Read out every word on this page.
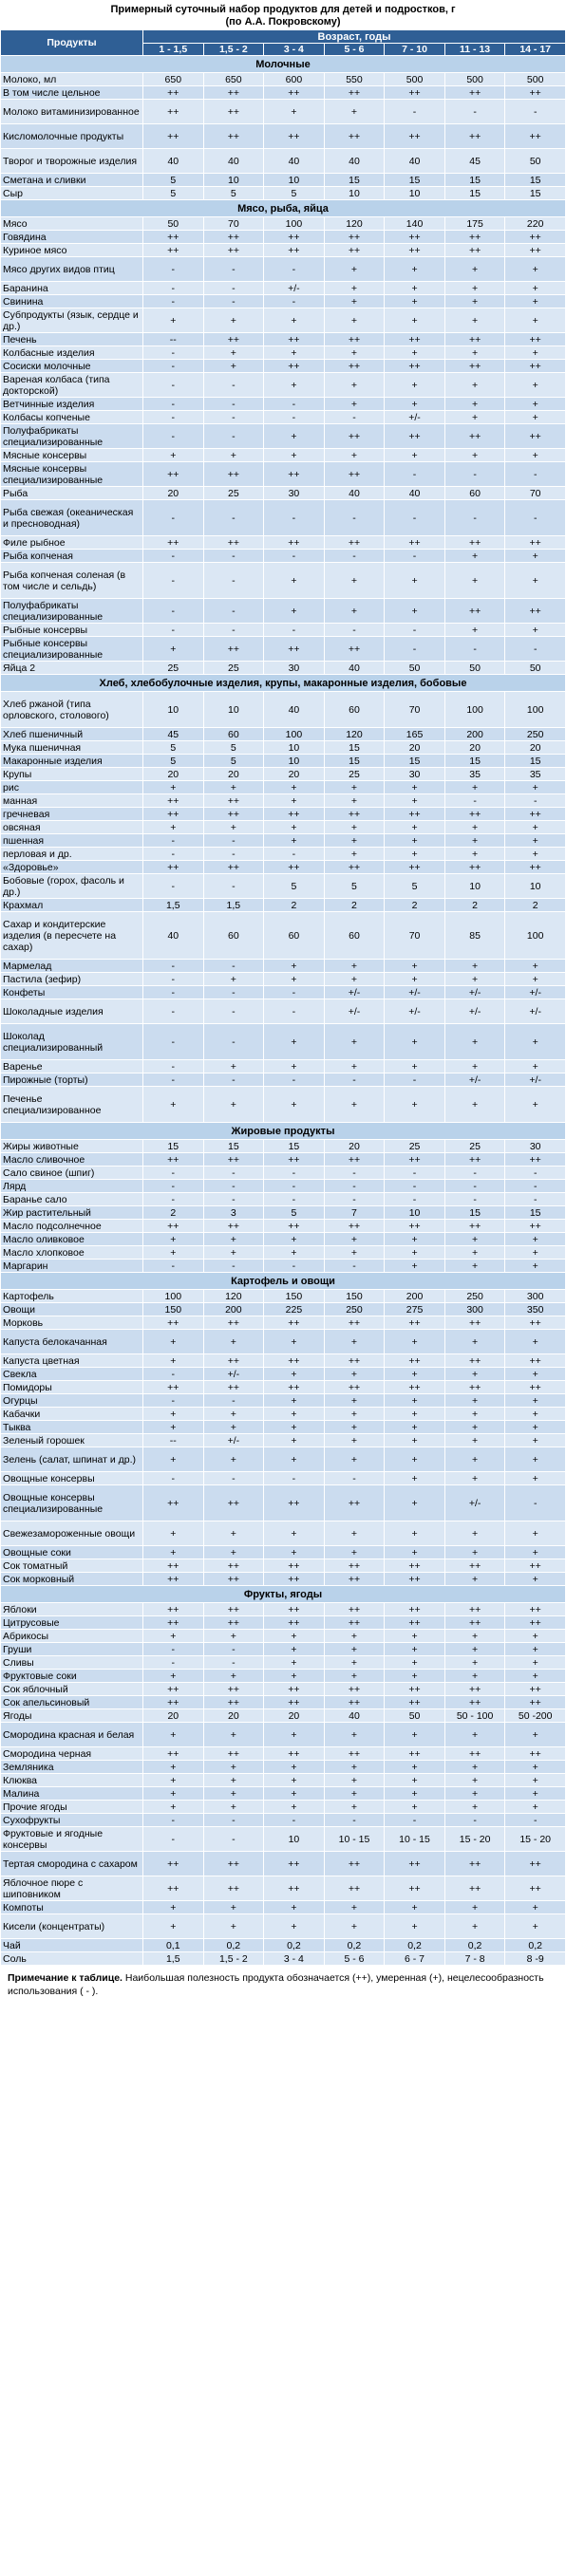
Примерный суточный набор продуктов для детей и подростков, г
(по А.А. Покровскому)
Продукты	Возраст, годы						
	1 - 1,5	1,5 - 2	3 - 4	5 - 6	7 - 10	11 - 13	14 - 17
Молочные							
Молоко, мл	650	650	600	550	500	500	500
В том числе цельное	++	++	++	++	++	++	++
Молоко витаминизированное	++	++	+	+	-	-	-
Кисломолочные продукты	++	++	++	++	++	++	++
Творог и творожные изделия	40	40	40	40	40	45	50
Сметана и сливки	5	10	10	15	15	15	15
Сыр	5	5	5	10	10	15	15
Мясо, рыба, яйца							
Мясо	50	70	100	120	140	175	220
Говядина	++	++	++	++	++	++	++
Куриное мясо	++	++	++	++	++	++	++
Мясо других видов птиц	-	-	-	+	+	+	+
Баранина	-	-	+/-	+	+	+	+
Свинина	-	-	-	+	+	+	+
Субпродукты (язык, сердце и др.)	+	+	+	+	+	+	+
Печень	--	++	++	++	++	++	++
Колбасные изделия	-	+	+	+	+	+	+
Сосиски молочные	-	+	++	++	++	++	++
Вареная колбаса (типа докторской)	-	-	+	+	+	+	+
Ветчинные изделия	-	-	-	+	+	+	+
Колбасы копченые	-	-	-	-	+/-	+	+
Полуфабрикаты специализированные	-	-	+	++	++	++	++
Мясные консервы	+	+	+	+	+	+	+
Мясные консервы специализированные	++	++	++	++	-	-	-
Рыба	20	25	30	40	40	60	70
Рыба свежая (океаническая и пресноводная)	-	-	-	-	-	-	-
Филе рыбное	++	++	++	++	++	++	++
Рыба копченая	-	-	-	-	-	+	+
Рыба копченая соленая (в том числе и сельдь)	-	-	+	+	+	+	+
Полуфабрикаты специализированные	-	-	+	+	+	++	++
Рыбные консервы	-	-	-	-	-	+	+
Рыбные консервы специализированные	+	++	++	++	-	-	-
Яйца 2	25	25	30	40	50	50	50
Хлеб, хлебобулочные изделия, крупы, макаронные изделия, бобовые							
Хлеб ржаной (типа орловского, столового)	10	10	40	60	70	100	100
Хлеб пшеничный	45	60	100	120	165	200	250
Мука пшеничная	5	5	10	15	20	20	20
Макаронные изделия	5	5	10	15	15	15	15
Крупы	20	20	20	25	30	35	35
рис	+	+	+	+	+	+	+
манная	++	++	+	+	+	-	-
гречневая	++	++	++	++	++	++	++
овсяная	+	+	+	+	+	+	+
пшенная	-	-	+	+	+	+	+
перловая и др.	-	-	-	+	+	+	+
«Здоровье»	++	++	++	++	++	++	++
Бобовые (горох, фасоль и др.)	-	-	5	5	5	10	10
Крахмал	1,5	1,5	2	2	2	2	2
Сахар и кондитерские изделия (в пересчете на сахар)	40	60	60	60	70	85	100
Мармелад	-	-	+	+	+	+	+
Пастила (зефир)	-	+	+	+	+	+	+
Конфеты	-	-	-	+/-	+/-	+/-	+/-
Шоколадные изделия	-	-	-	+/-	+/-	+/-	+/-
Шоколад специализированный	-	-	+	+	+	+	+
Варенье	-	+	+	+	+	+	+
Пирожные (торты)	-	-	-	-	-	+/-	+/-
Печенье специализированное	+	+	+	+	+	+	+
Жировые продукты							
Жиры животные	15	15	15	20	25	25	30
Масло сливочное	++	++	++	++	++	++	++
Сало свиное (шпиг)	-	-	-	-	-	-	-
Лярд	-	-	-	-	-	-	-
Баранье сало	-	-	-	-	-	-	-
Жир растительный	2	3	5	7	10	15	15
Масло подсолнечное	++	++	++	++	++	++	++
Масло оливковое	+	+	+	+	+	+	+
Масло хлопковое	+	+	+	+	+	+	+
Маргарин	-	-	-	-	+	+	+
Картофель и овощи							
Картофель	100	120	150	150	200	250	300
Овощи	150	200	225	250	275	300	350
Морковь	++	++	++	++	++	++	++
Капуста белокачанная	+	+	+	+	+	+	+
Капуста цветная	+	++	++	++	++	++	++
Свекла	-	+/-	+	+	+	+	+
Помидоры	++	++	++	++	++	++	++
Огурцы	-	-	+	+	+	+	+
Кабачки	+	+	+	+	+	+	+
Тыква	+	+	+	+	+	+	+
Зеленый горошек	--	+/-	+	+	+	+	+
Зелень (салат, шпинат и др.)	+	+	+	+	+	+	+
Овощные консервы	-	-	-	-	+	+	+
Овощные консервы специализированные	++	++	++	++	+	+/-	-
Свежезамороженные овощи	+	+	+	+	+	+	+
Овощные соки	+	+	+	+	+	+	+
Сок томатный	++	++	++	++	++	++	++
Сок морковный	++	++	++	++	++	+	+
Фрукты, ягоды							
Яблоки	++	++	++	++	++	++	++
Цитрусовые	++	++	++	++	++	++	++
Абрикосы	+	+	+	+	+	+	+
Груши	-	-	+	+	+	+	+
Сливы	-	-	+	+	+	+	+
Фруктовые соки	+	+	+	+	+	+	+
Сок яблочный	++	++	++	++	++	++	++
Сок апельсиновый	++	++	++	++	++	++	++
Ягоды	20	20	20	40	50	50 - 100	50 -200
Смородина красная и белая	+	+	+	+	+	+	+
Смородина черная	++	++	++	++	++	++	++
Земляника	+	+	+	+	+	+	+
Клюква	+	+	+	+	+	+	+
Малина	+	+	+	+	+	+	+
Прочие ягоды	+	+	+	+	+	+	+
Сухофрукты	-	-	-	-	-	-	-
Фруктовые и ягодные консервы	-	-	10	10 - 15	10 - 15	15 - 20	15 - 20
Тертая смородина с сахаром	++	++	++	++	++	++	++
Яблочное пюре с шиповником	++	++	++	++	++	++	++
Компоты	+	+	+	+	+	+	+
Кисели (концентраты)	+	+	+	+	+	+	+
Чай	0,1	0,2	0,2	0,2	0,2	0,2	0,2
Соль	1,5	1,5 - 2	3 - 4	5 - 6	6 - 7	7 - 8	8 -9
Примечание к таблице. Наибольшая полезность продукта обозначается (++), умеренная (+), нецелесообразность использования ( - ).
